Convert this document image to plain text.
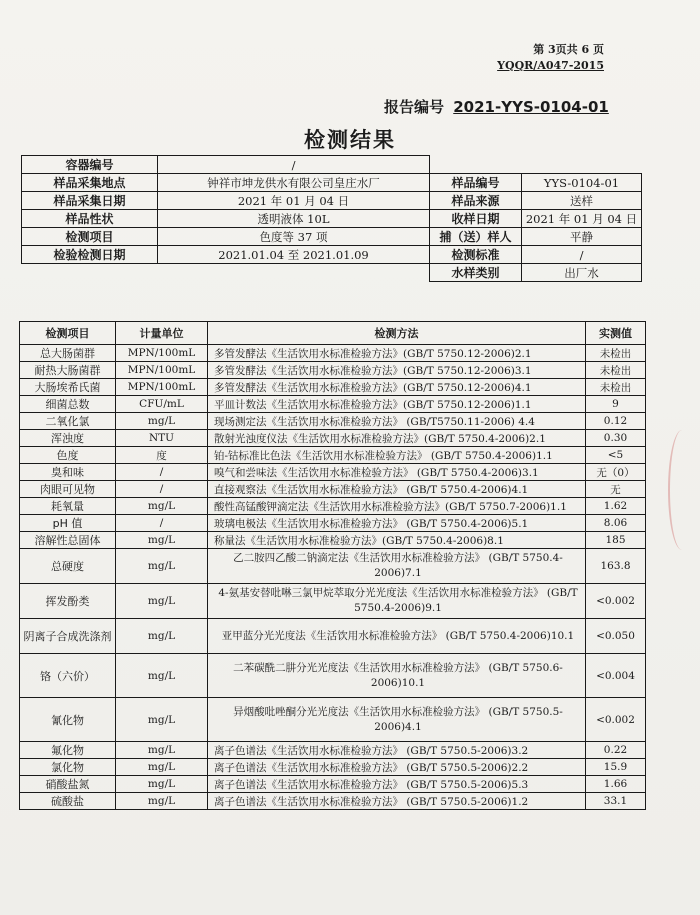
第 3页共 6 页
YQQR/A047-2015
报告编号 2021-YYS-0104-01
检测结果
容器编号	/		
样品采集地点	钟祥市坤龙供水有限公司皇庄水厂	样品编号	YYS-0104-01
样品采集日期	2021 年 01 月 04 日	样品来源	送样
样品性状	透明液体 10L	收样日期	2021 年 01 月 04 日
检测项目	色度等 37 项	捕（送）样人	平静
检验检测日期	2021.01.04 至 2021.01.09	检测标准	/
		水样类别	出厂水
检测项目	计量单位	检测方法	实测值
总大肠菌群	MPN/100mL	多管发酵法《生活饮用水标准检验方法》(GB/T 5750.12-2006)2.1	未检出
耐热大肠菌群	MPN/100mL	多管发酵法《生活饮用水标准检验方法》(GB/T 5750.12-2006)3.1	未检出
大肠埃希氏菌	MPN/100mL	多管发酵法《生活饮用水标准检验方法》(GB/T 5750.12-2006)4.1	未检出
细菌总数	CFU/mL	平皿计数法《生活饮用水标准检验方法》(GB/T 5750.12-2006)1.1	9
二氧化氯	mg/L	现场测定法《生活饮用水标准检验方法》 (GB/T5750.11-2006) 4.4	0.12
浑浊度	NTU	散射光浊度仪法《生活饮用水标准检验方法》(GB/T 5750.4-2006)2.1	0.30
色度	度	铂-钴标准比色法《生活饮用水标准检验方法》 (GB/T 5750.4-2006)1.1	<5
臭和味	/	嗅气和尝味法《生活饮用水标准检验方法》 (GB/T 5750.4-2006)3.1	无（0）
肉眼可见物	/	直接观察法《生活饮用水标准检验方法》 (GB/T 5750.4-2006)4.1	无
耗氧量	mg/L	酸性高锰酸钾滴定法《生活饮用水标准检验方法》(GB/T 5750.7-2006)1.1	1.62
pH 值	/	玻璃电极法《生活饮用水标准检验方法》 (GB/T 5750.4-2006)5.1	8.06
溶解性总固体	mg/L	称量法《生活饮用水标准检验方法》(GB/T 5750.4-2006)8.1	185
总硬度	mg/L	乙二胺四乙酸二钠滴定法《生活饮用水标准检验方法》 (GB/T 5750.4-2006)7.1	163.8
挥发酚类	mg/L	4-氨基安替吡啉三氯甲烷萃取分光光度法《生活饮用水标准检验方法》 (GB/T 5750.4-2006)9.1	<0.002
阴离子合成洗涤剂	mg/L	亚甲蓝分光光度法《生活饮用水标准检验方法》 (GB/T 5750.4-2006)10.1	<0.050
铬（六价）	mg/L	二苯碳酰二肼分光光度法《生活饮用水标准检验方法》 (GB/T 5750.6-2006)10.1	<0.004
氰化物	mg/L	异烟酸吡唑酮分光光度法《生活饮用水标准检验方法》 (GB/T 5750.5-2006)4.1	<0.002
氟化物	mg/L	离子色谱法《生活饮用水标准检验方法》 (GB/T 5750.5-2006)3.2	0.22
氯化物	mg/L	离子色谱法《生活饮用水标准检验方法》 (GB/T 5750.5-2006)2.2	15.9
硝酸盐氮	mg/L	离子色谱法《生活饮用水标准检验方法》 (GB/T 5750.5-2006)5.3	1.66
硫酸盐	mg/L	离子色谱法《生活饮用水标准检验方法》 (GB/T 5750.5-2006)1.2	33.1
